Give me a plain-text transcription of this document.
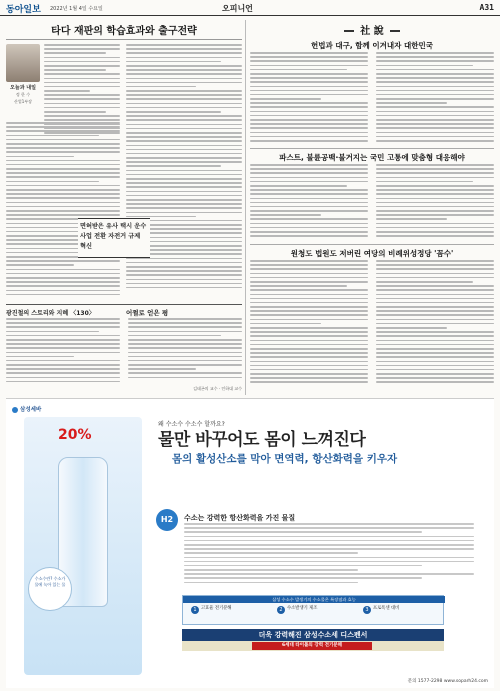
동아일보 2022년 1월 4일 수요일	오피니언	A31
타다 재판의 학습효과와 출구전략
오늘과 내일
정 한 수
산업1부장
면허받은 유사 택시 운수사업 전환 자전거 규제 혁신
광진철의 스토리와 지혜 〈130〉	어쩔로 얻은 평
김태곤의 교수 · 인하대 교수
社 說
헌법과 대구, 함께 이겨내자 대한민국
파스트, 불륜공백·불거지는 국민 고통에 맞춤형 대응해야
원청도 법원도 저버린 여당의 비례위성정당 '꼼수'
삼성세바
20%
수소수란? 수소가 물에 녹아 있는 물
왜 수소수 수소수 할까요?
물만 바꾸어도 몸이 느껴진다
몸의 활성산소를 막아 면역력, 항산화력을 키우자
H2	수소는 강력한 항산화력을 가진 물질
삼성 수소수 발생기의 수소물은 특장점과 효능
1 고효율 전기분해	2 수소발생기 제조	3 프로폭센 대비
더욱 강력해진 삼성수소세 디스펜서
6세대 타이틀의 강력 전기분해
문의 1577-2298 www.soparh24.com
